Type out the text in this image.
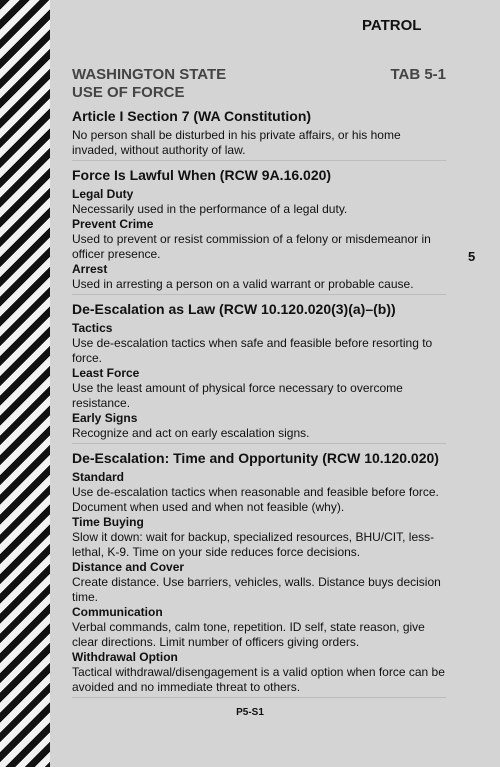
PATROL
5
WASHINGTON STATE
USE OF FORCE
TAB 5-1
Article I Section 7 (WA Constitution)
No person shall be disturbed in his private affairs, or his home invaded, without authority of law.
Force Is Lawful When (RCW 9A.16.020)
Legal Duty
Necessarily used in the performance of a legal duty.
Prevent Crime
Used to prevent or resist commission of a felony or misdemeanor in officer presence.
Arrest
Used in arresting a person on a valid warrant or probable cause.
De-Escalation as Law (RCW 10.120.020(3)(a)–(b))
Tactics
Use de-escalation tactics when safe and feasible before resorting to force.
Least Force
Use the least amount of physical force necessary to overcome resistance.
Early Signs
Recognize and act on early escalation signs.
De-Escalation: Time and Opportunity (RCW 10.120.020)
Standard
Use de-escalation tactics when reasonable and feasible before force. Document when used and when not feasible (why).
Time Buying
Slow it down: wait for backup, specialized resources, BHU/CIT, less-lethal, K-9. Time on your side reduces force decisions.
Distance and Cover
Create distance. Use barriers, vehicles, walls. Distance buys decision time.
Communication
Verbal commands, calm tone, repetition. ID self, state reason, give clear directions. Limit number of officers giving orders.
Withdrawal Option
Tactical withdrawal/disengagement is a valid option when force can be avoided and no immediate threat to others.
P5-S1
